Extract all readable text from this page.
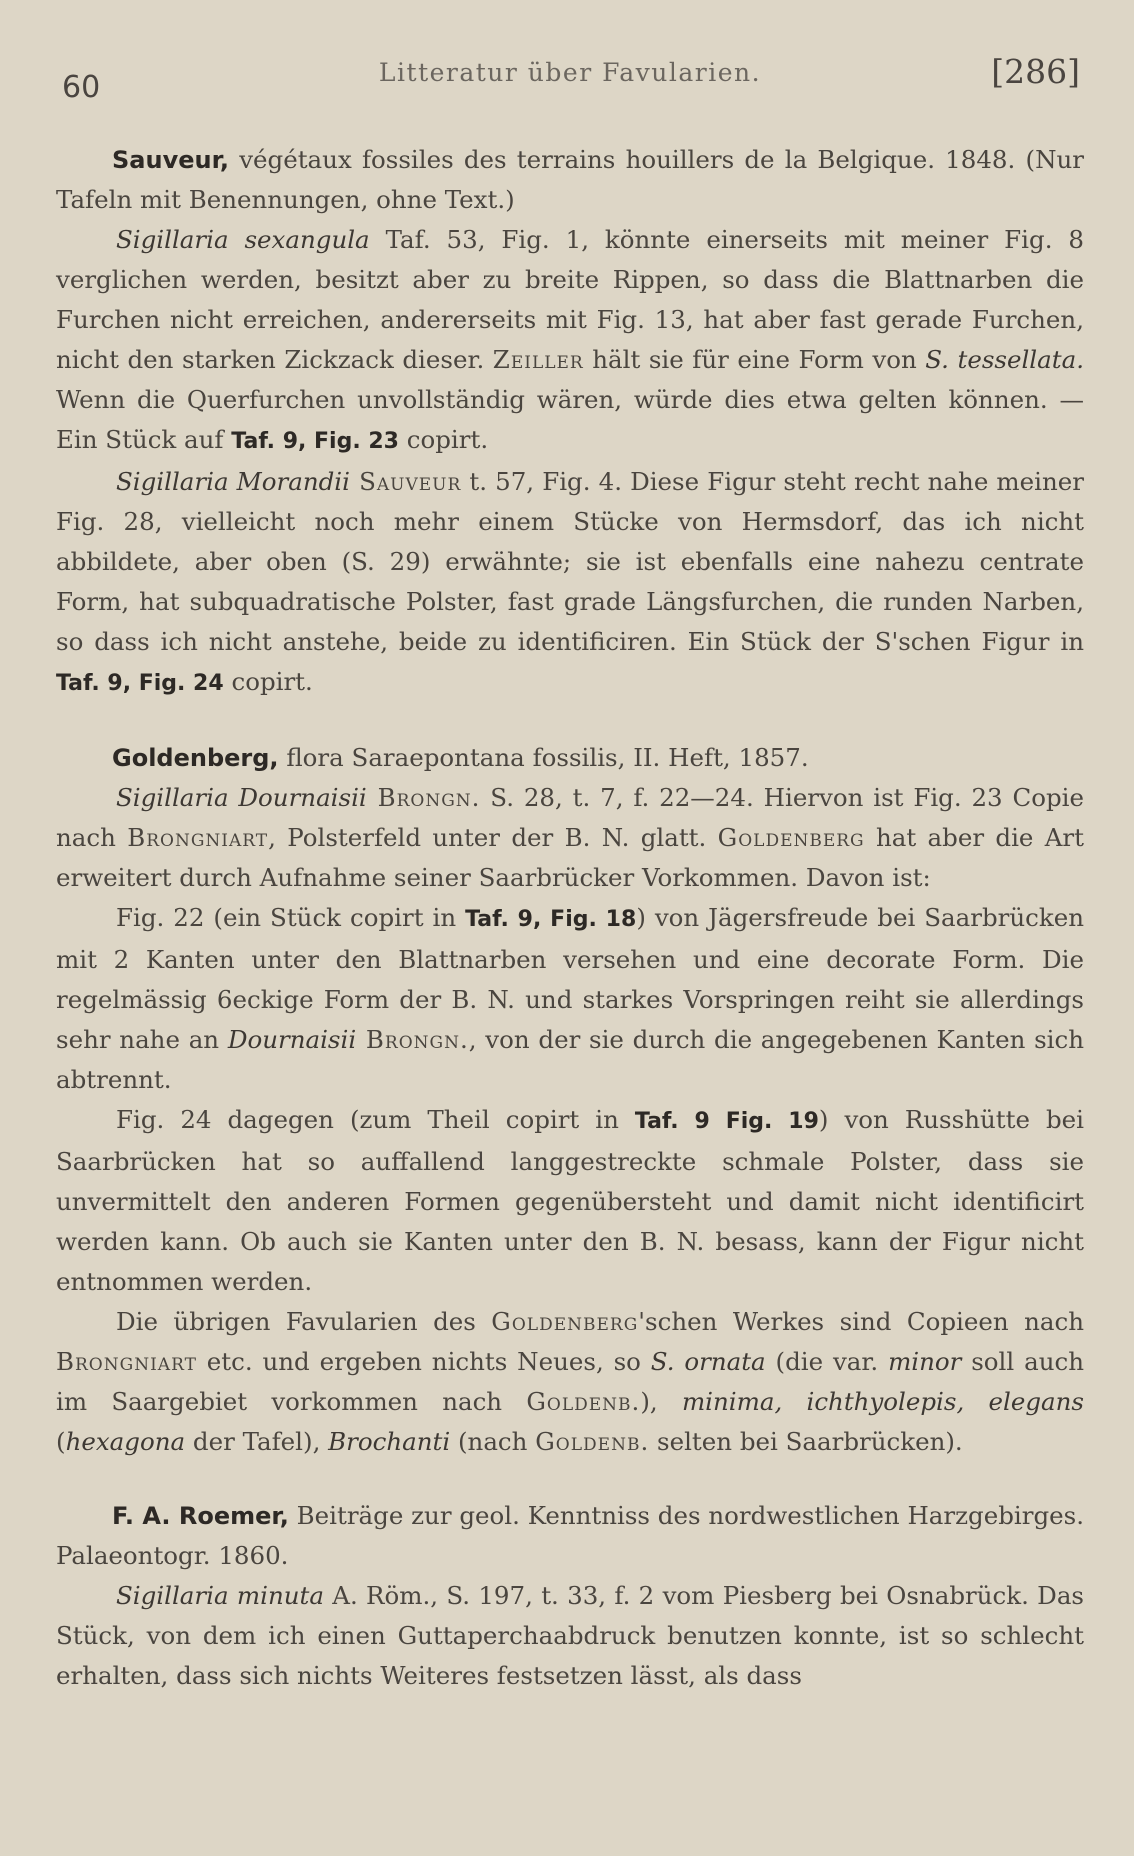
60	Litteratur über Favularien.	[286]

Sauveur, végétaux fossiles des terrains houillers de la Belgique. 1848. (Nur Tafeln mit Benennungen, ohne Text.)

Sigillaria sexangula Taf. 53, Fig. 1, könnte einerseits mit meiner Fig. 8 verglichen werden, besitzt aber zu breite Rippen, so dass die Blattnarben die Furchen nicht erreichen, andererseits mit Fig. 13, hat aber fast gerade Furchen, nicht den starken Zickzack dieser. Zeiller hält sie für eine Form von S. tessellata. Wenn die Querfurchen unvollständig wären, würde dies etwa gelten können. — Ein Stück auf Taf. 9, Fig. 23 copirt.

Sigillaria Morandii Sauveur t. 57, Fig. 4. Diese Figur steht recht nahe meiner Fig. 28, vielleicht noch mehr einem Stücke von Hermsdorf, das ich nicht abbildete, aber oben (S. 29) erwähnte; sie ist ebenfalls eine nahezu centrate Form, hat subquadratische Polster, fast grade Längsfurchen, die runden Narben, so dass ich nicht anstehe, beide zu identificiren. Ein Stück der S'schen Figur in Taf. 9, Fig. 24 copirt.

Goldenberg, flora Saraepontana fossilis, II. Heft, 1857.

Sigillaria Dournaisii Brongn. S. 28, t. 7, f. 22—24. Hiervon ist Fig. 23 Copie nach Brongniart, Polsterfeld unter der B. N. glatt. Goldenberg hat aber die Art erweitert durch Aufnahme seiner Saarbrücker Vorkommen. Davon ist:

Fig. 22 (ein Stück copirt in Taf. 9, Fig. 18) von Jägersfreude bei Saarbrücken mit 2 Kanten unter den Blattnarben versehen und eine decorate Form. Die regelmässig 6eckige Form der B. N. und starkes Vorspringen reiht sie allerdings sehr nahe an Dournaisii Brongn., von der sie durch die angegebenen Kanten sich abtrennt.

Fig. 24 dagegen (zum Theil copirt in Taf. 9 Fig. 19) von Russhütte bei Saarbrücken hat so auffallend langgestreckte schmale Polster, dass sie unvermittelt den anderen Formen gegenübersteht und damit nicht identificirt werden kann. Ob auch sie Kanten unter den B. N. besass, kann der Figur nicht entnommen werden.

Die übrigen Favularien des Goldenberg'schen Werkes sind Copieen nach Brongniart etc. und ergeben nichts Neues, so S. ornata (die var. minor soll auch im Saargebiet vorkommen nach Goldenb.), minima, ichthyolepis, elegans (hexagona der Tafel), Brochanti (nach Goldenb. selten bei Saarbrücken).

F. A. Roemer, Beiträge zur geol. Kenntniss des nordwestlichen Harzgebirges. Palaeontogr. 1860.

Sigillaria minuta A. Röm., S. 197, t. 33, f. 2 vom Piesberg bei Osnabrück. Das Stück, von dem ich einen Guttaperchaabdruck benutzen konnte, ist so schlecht erhalten, dass sich nichts Weiteres festsetzen lässt, als dass
